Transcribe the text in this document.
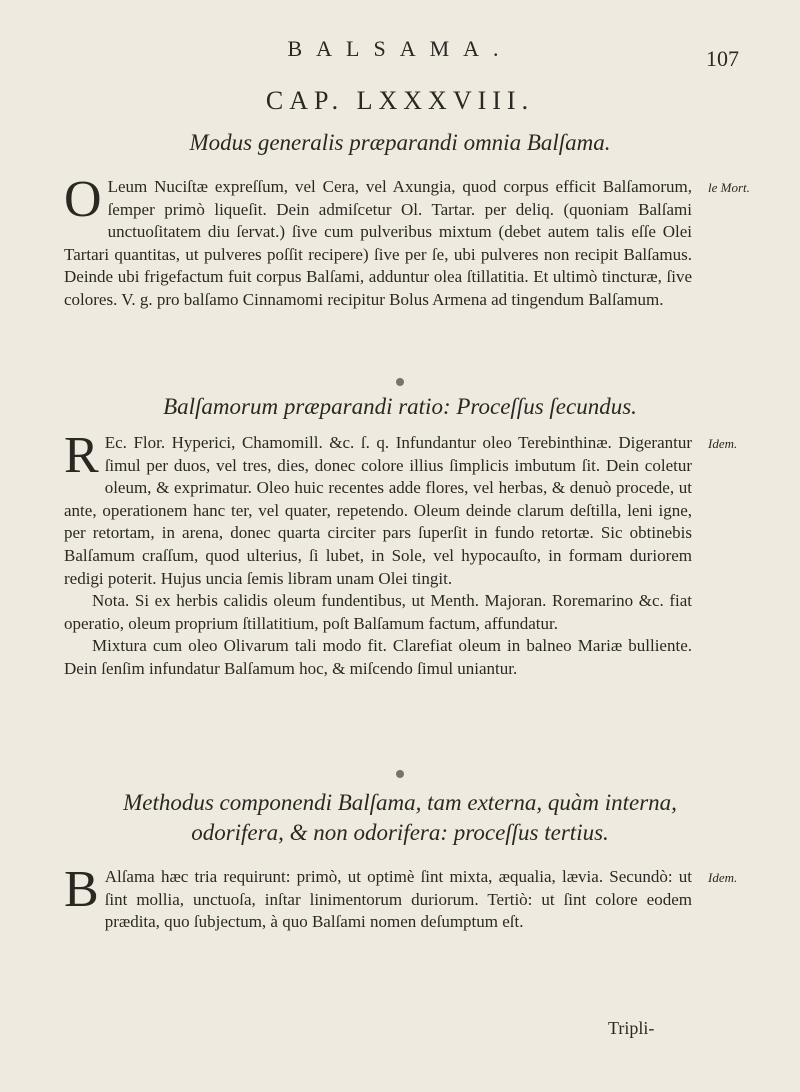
BALSAMA.	107
CAP. LXXXVIII.
Modus generalis præparandi omnia Balſama.
le Mort.

O Leum Nuciſtæ expreſſum, vel Cera, vel Axungia, quod corpus efficit Balſamorum, ſemper primò liqueſit. Dein admiſcetur Ol. Tartar. per deliq. (quoniam Balſami unctuoſitatem diu ſervat.) ſive cum pulveribus mixtum (debet autem talis eſſe Olei Tartari quantitas, ut pulveres poſſit recipere) ſive per ſe, ubi pulveres non recipit Balſamus. Deinde ubi frigefactum fuit corpus Balſami, adduntur olea ſtillatitia. Et ultimò tincturæ, ſive colores. V. g. pro balſamo Cinnamomi recipitur Bolus Armena ad tingendum Balſamum.

Balſamorum præparandi ratio: Proceſſus ſecundus.
Idem.

R Ec. Flor. Hyperici, Chamomill. &c. ſ. q. Infundantur oleo Terebinthinæ. Digerantur ſimul per duos, vel tres, dies, donec colore illius ſimplicis imbutum ſit. Dein coletur oleum, & exprimatur. Oleo huic recentes adde flores, vel herbas, & denuò procede, ut ante, operationem hanc ter, vel quater, repetendo. Oleum deinde clarum deſtilla, leni igne, per retortam, in arena, donec quarta circiter pars ſuperſit in fundo retortæ. Sic obtinebis Balſamum craſſum, quod ulterius, ſi lubet, in Sole, vel hypocauſto, in formam duriorem redigi poterit. Hujus uncia ſemis libram unam Olei tingit.

Nota. Si ex herbis calidis oleum fundentibus, ut Menth. Majoran. Roremarino &c. fiat operatio, oleum proprium ſtillatitium, poſt Balſamum factum, affundatur.

Mixtura cum oleo Olivarum tali modo fit. Clarefiat oleum in balneo Mariæ bulliente. Dein ſenſim infundatur Balſamum hoc, & miſcendo ſimul uniantur.

Methodus componendi Balſama, tam externa, quàm interna,
odorifera, & non odorifera: proceſſus tertius.
Idem.

B Alſama hæc tria requirunt: primò, ut optimè ſint mixta, æqualia, lævia. Secundò: ut ſint mollia, unctuoſa, inſtar linimentorum duriorum. Tertiò: ut ſint colore eodem prædita, quo ſubjectum, à quo Balſami nomen deſumptum eſt.

Tripli-
